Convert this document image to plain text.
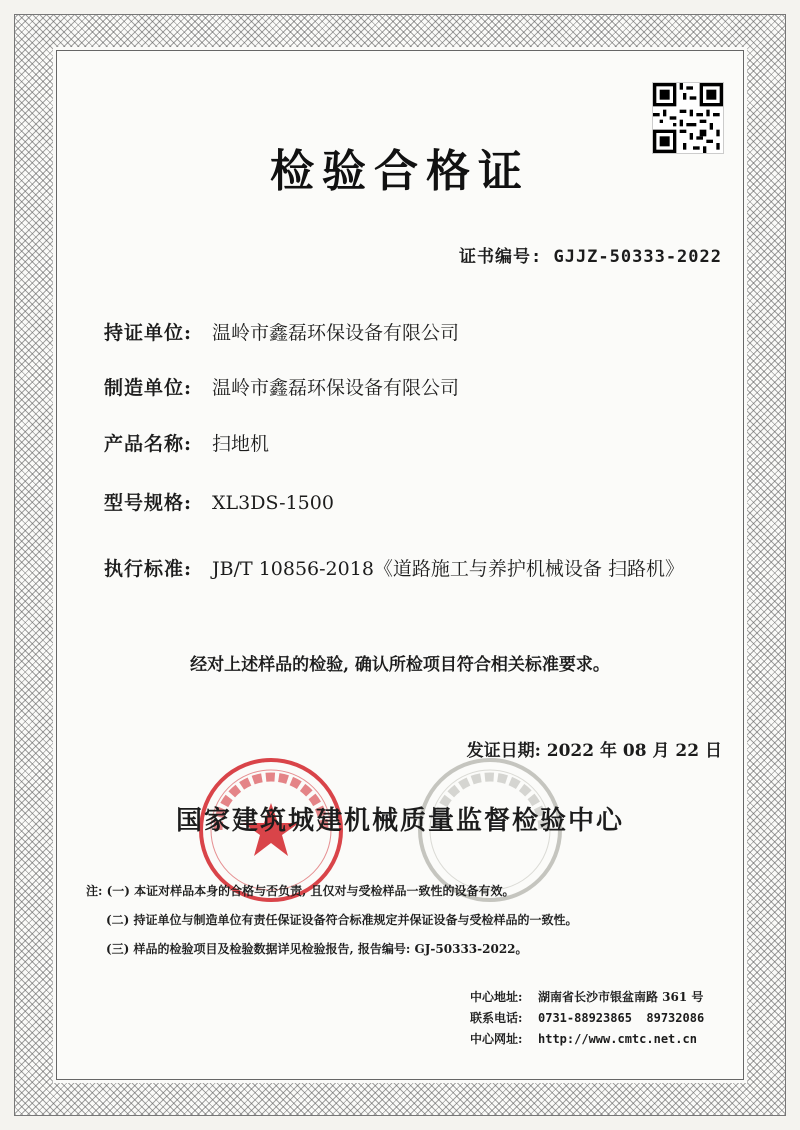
检验合格证
证书编号: GJJZ-50333-2022
持证单位: 温岭市鑫磊环保设备有限公司
制造单位: 温岭市鑫磊环保设备有限公司
产品名称: 扫地机
型号规格: XL3DS-1500
执行标准: JB/T 10856-2018《道路施工与养护机械设备 扫路机》
经对上述样品的检验, 确认所检项目符合相关标准要求。
发证日期: 2022 年 08 月 22 日
国家建筑城建机械质量监督检验中心
注: (一) 本证对样品本身的合格与否负责, 且仅对与受检样品一致性的设备有效。
(二) 持证单位与制造单位有责任保证设备符合标准规定并保证设备与受检样品的一致性。
(三) 样品的检验项目及检验数据详见检验报告, 报告编号: GJ-50333-2022。
中心地址: 湖南省长沙市银盆南路 361 号
联系电话: 0731-88923865  89732086
中心网址: http://www.cmtc.net.cn
